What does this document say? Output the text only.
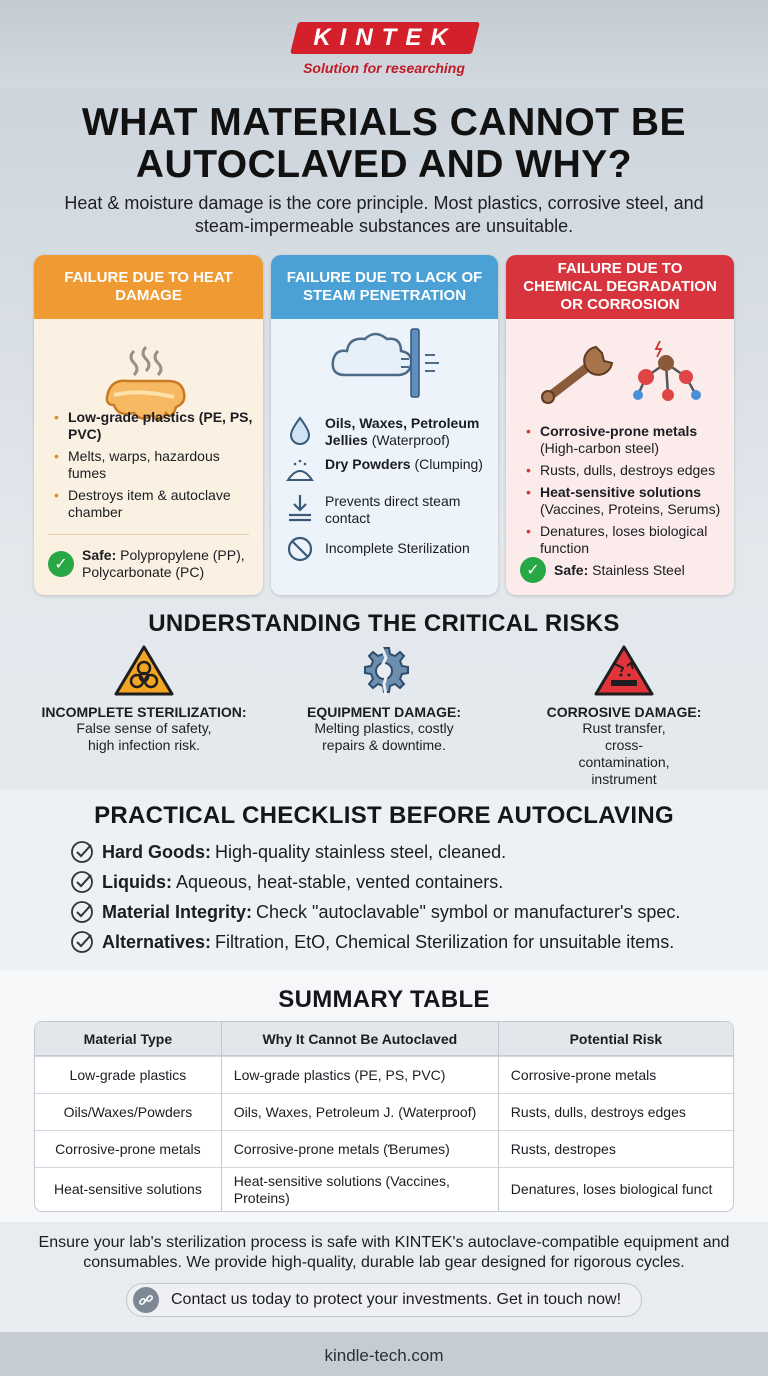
KINTEK
Solution for researching
WHAT MATERIALS CANNOT BE AUTOCLAVED AND WHY?
Heat & moisture damage is the core principle. Most plastics, corrosive steel, and steam-impermeable substances are unsuitable.
FAILURE DUE TO HEAT DAMAGE
• Low-grade plastics (PE, PS, PVC)
• Melts, warps, hazardous fumes
• Destroys item & autoclave chamber
✓
Safe: Polypropylene (PP), Polycarbonate (PC)
FAILURE DUE TO LACK OF STEAM PENETRATION
Oils, Waxes, Petroleum Jellies (Waterproof)
Dry Powders (Clumping)
Prevents direct steam contact
Incomplete Sterilization
FAILURE DUE TO CHEMICAL DEGRADATION OR CORROSION
• Corrosive-prone metals (High-carbon steel)
• Rusts, dulls, destroys edges
• Heat-sensitive solutions (Vaccines, Proteins, Serums)
• Denatures, loses biological function
✓	Safe: Stainless Steel
UNDERSTANDING THE CRITICAL RISKS
INCOMPLETE STERILIZATION:
False sense of safety, high infection risk.
EQUIPMENT DAMAGE:
Melting plastics, costly repairs & downtime.
CORROSIVE DAMAGE:
Rust transfer, cross-contamination, instrument
PRACTICAL CHECKLIST BEFORE AUTOCLAVING
Hard Goods: High-quality stainless steel, cleaned.
Liquids: Aqueous, heat-stable, vented containers.
Material Integrity: Check "autoclavable" symbol or manufacturer's spec.
Alternatives: Filtration, EtO, Chemical Sterilization for unsuitable items.
SUMMARY TABLE
Material Type	Why It Cannot Be Autoclaved	Potential Risk
Low-grade plastics	Low-grade plastics (PE, PS, PVC)	Corrosive-prone metals
Oils/Waxes/Powders	Oils, Waxes, Petroleum J. (Waterproof)	Rusts, dulls, destroys edges
Corrosive-prone metals	Corrosive-prone metals (Ɓerumes)	Rusts, destropes
Heat-sensitive solutions	Heat-sensitive solutions (Vaccines, Proteins)	Denatures, loses biological funct
Ensure your lab's sterilization process is safe with KINTEK's autoclave-compatible equipment and consumables. We provide high-quality, durable lab gear designed for rigorous cycles.
Contact us today to protect your investments. Get in touch now!
kindle-tech.com
